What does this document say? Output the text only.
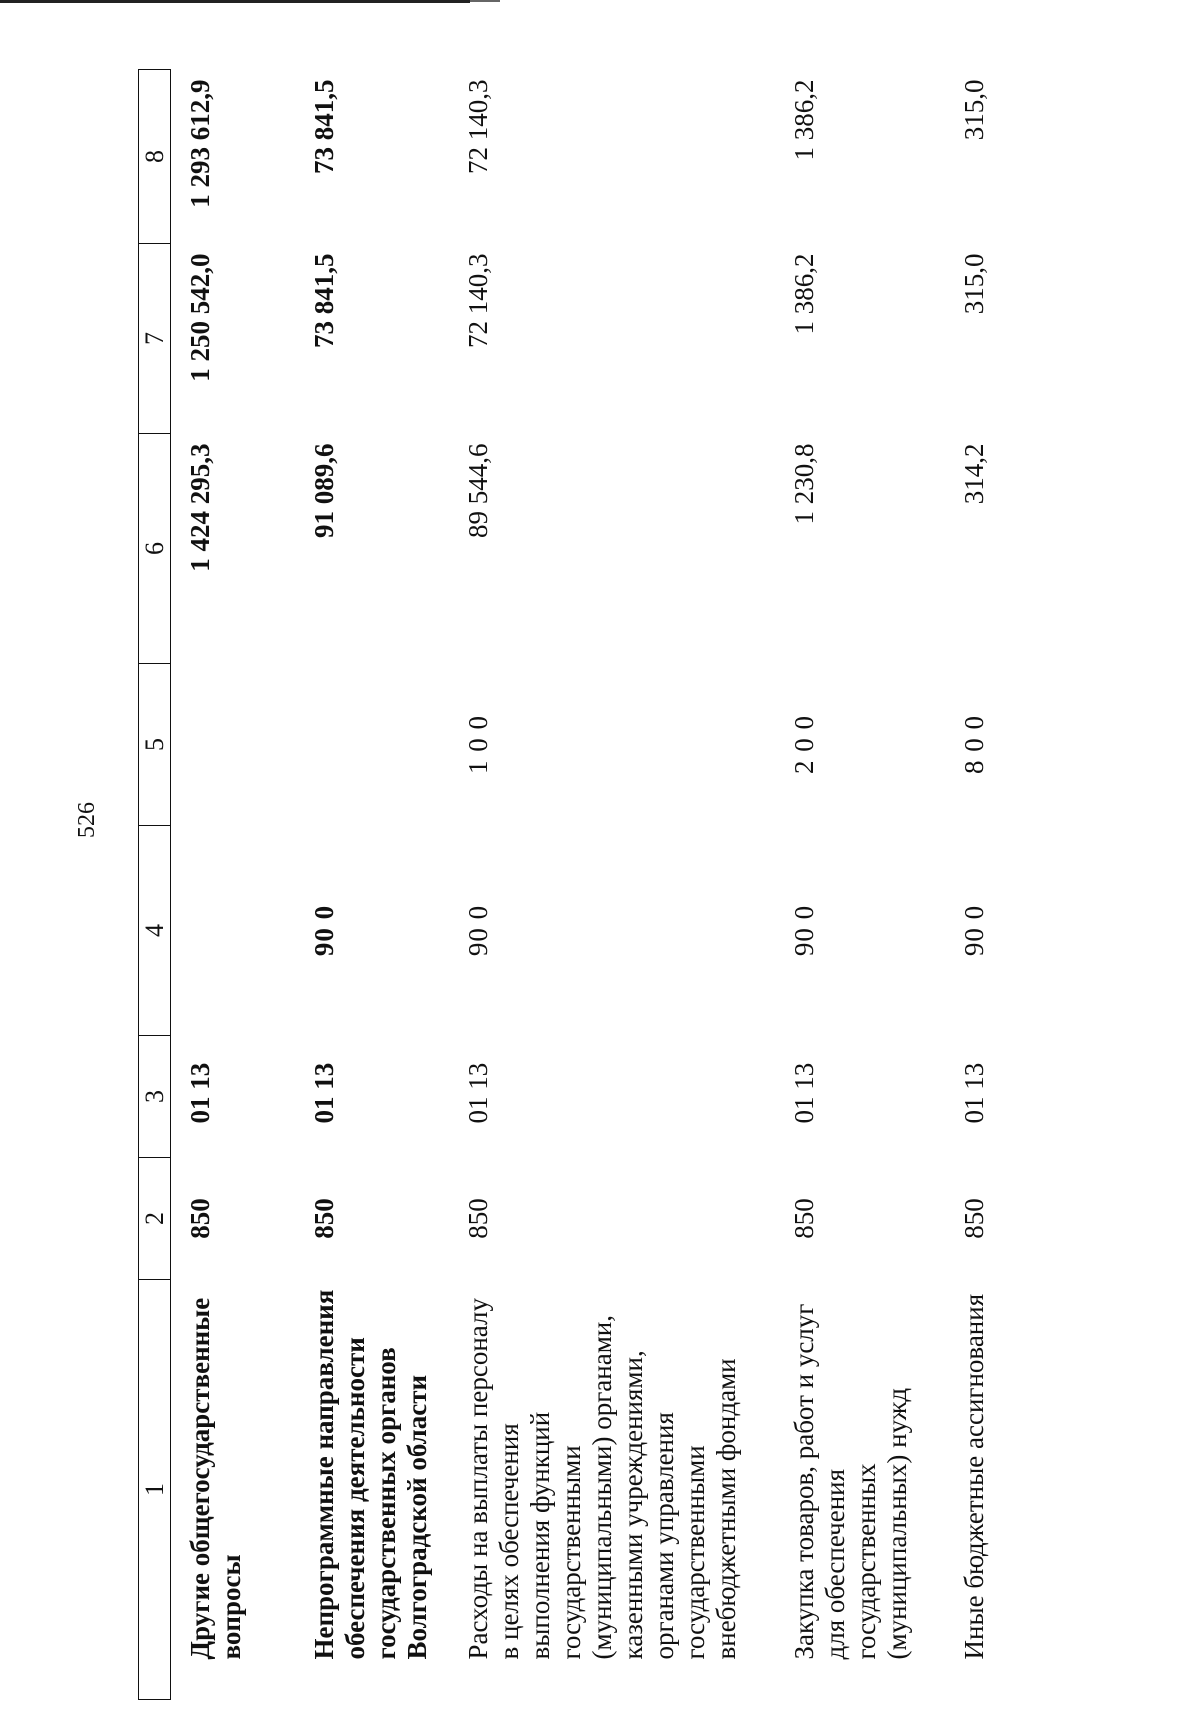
526
1	2	3	4	5	6	7	8
Другие общегосударственные вопросы	850	01 13			1 424 295,3	1 250 542,0	1 293 612,9
Непрограммные направления обеспечения деятельности государственных органов Волгоградской области	850	01 13	90 0		91 089,6	73 841,5	73 841,5
Расходы на выплаты персоналу в целях обеспечения выполнения функций государственными (муниципальными) органами, казенными учреждениями, органами управления государственными внебюджетными фондами	850	01 13	90 0	1 0 0	89 544,6	72 140,3	72 140,3
Закупка товаров, работ и услуг для обеспечения государственных (муниципальных) нужд	850	01 13	90 0	2 0 0	1 230,8	1 386,2	1 386,2
Иные бюджетные ассигнования	850	01 13	90 0	8 0 0	314,2	315,0	315,0
